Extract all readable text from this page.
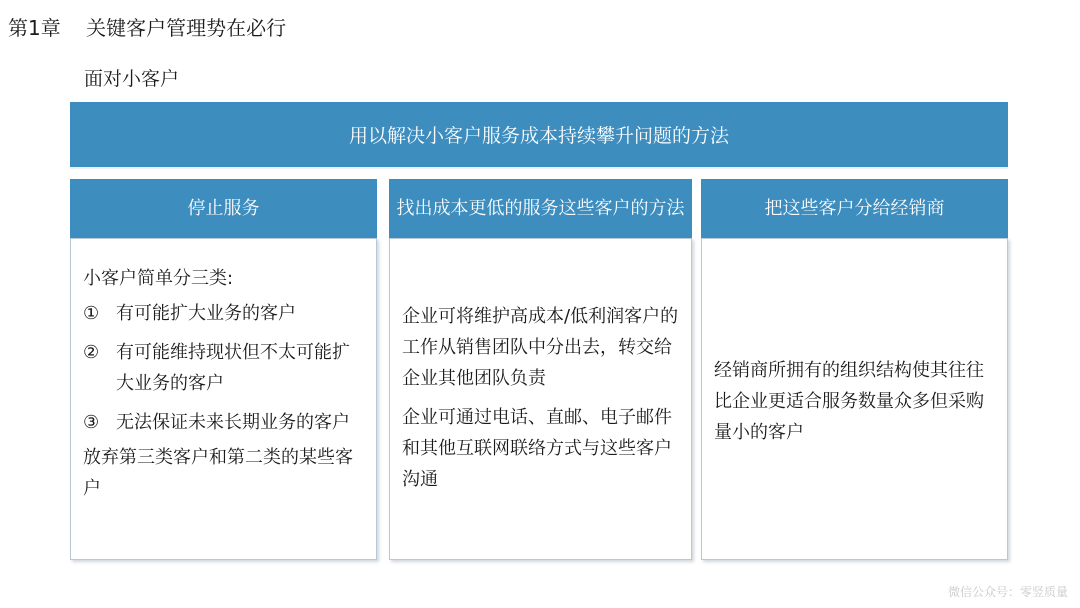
第1章    关键客户管理势在必行
面对小客户
用以解决小客户服务成本持续攀升问题的方法
停止服务
小客户简单分三类:
① 有可能扩大业务的客户
② 有可能维持现状但不太可能扩大业务的客户
③ 无法保证未来长期业务的客户
放弃第三类客户和第二类的某些客户
找出成本更低的服务这些客户的方法
企业可将维护高成本/低利润客户的工作从销售团队中分出去，转交给企业其他团队负责
企业可通过电话、直邮、电子邮件和其他互联网联络方式与这些客户沟通
把这些客户分给经销商
经销商所拥有的组织结构使其往往比企业更适合服务数量众多但采购量小的客户
微信公众号：零竖质量
